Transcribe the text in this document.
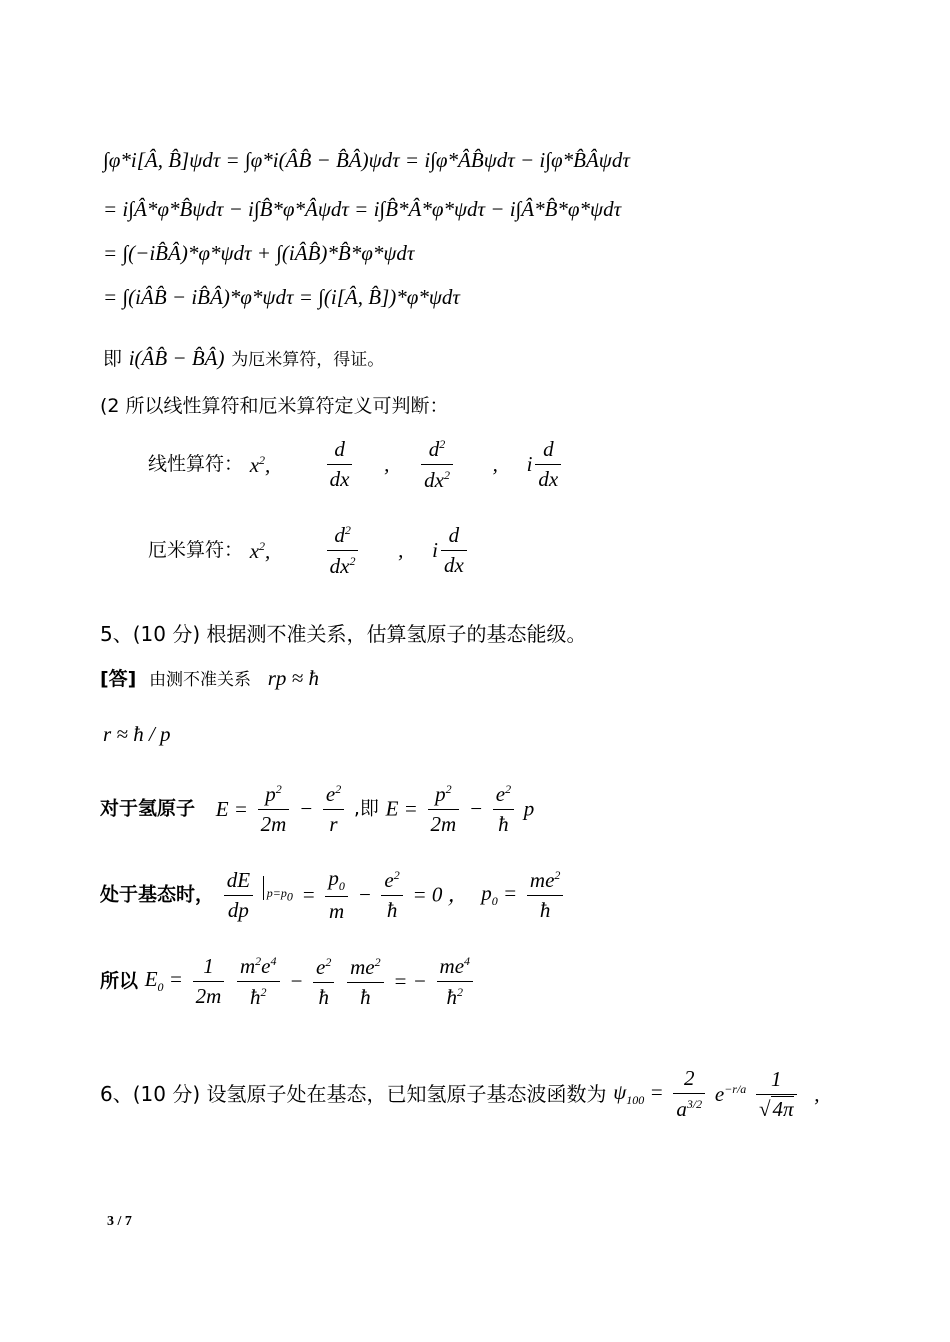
∫φ*i[Â, B̂]ψdτ = ∫φ*i(ÂB̂ − B̂Â)ψdτ = i∫φ*ÂB̂ψdτ − i∫φ*B̂Âψdτ
= i∫Â*φ*B̂ψdτ − i∫B̂*φ*Âψdτ = i∫B̂*Â*φ*ψdτ − i∫Â*B̂*φ*ψdτ
= ∫(−iB̂Â)*φ*ψdτ + ∫(iÂB̂)*B̂*φ*ψdτ
= ∫(iÂB̂ − iB̂Â)*φ*ψdτ = ∫(i[Â, B̂])*φ*ψdτ
即 i(ÂB̂ − B̂Â) 为厄米算符，得证。
(2 所以线性算符和厄米算符定义可判断：
线性算符： $x^2$,	$\frac{d}{dx}$ , $\frac{d^2}{dx^2}$ , i $\frac{d}{dx}$
厄米算符： $x^2$,	$\frac{d^2}{dx^2}$ , i $\frac{d}{dx}$
5、(10 分) 根据测不准关系，估算氢原子的基态能级。
[答] 由测不准关系 rp ≈ ħ
r ≈ ħ / p
对于氢原子 $E = \frac{p^2}{2m} - \frac{e^2}{r}$ ,即 $E = \frac{p^2}{2m} - \frac{e^2}{ħ}$ p
处于基态时， $\frac{dE}{dp} p=p0 = \frac{p_0}{m} - \frac{e^2}{ħ} = 0$ ， $p_0 = \frac{me^2}{ħ}$
所以 $E_0 = \frac{1}{2m}$
$\frac{m^2e^4}{ħ^2} - \frac{e^2}{ħ}$
$\frac{me^2}{ħ}$ = − $\frac{me^4}{ħ^2}$
6、(10 分) 设氢原子处在基态，已知氢原子基态波函数为 $\psi_{100} = \frac{2}{a^{3/2}} e^{-r/a} \frac{1}{√4\pi}$ ,
3 / 7
